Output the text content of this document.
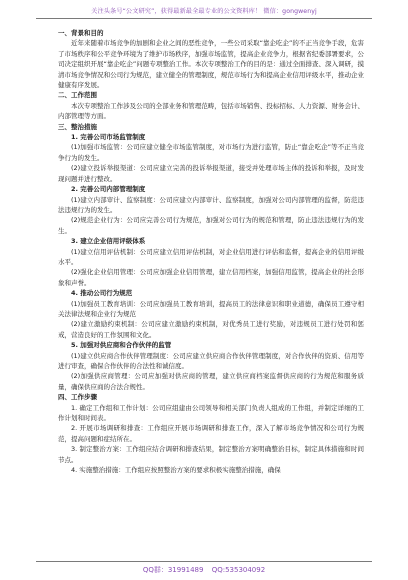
关注头条号“公文研究”，获得最新最全最专业的公文资料库！ 微信：gongwenyj

一、背景和目的

近年来随着市场竞争的加剧和企业之间的恶性竞争，一些公司采取“靠企吃企”的不正当竞争手段，危害了市场秩序和公平竞争环境为了维护市场秩序，加强市场监管，提高企业竞争力，根据省纪委部署要求，公司决定组织开展“靠企吃企”问题专项整治工作。本次专项整治工作的目的是：通过全面排查、深入调研，摸清市场竞争情况和公司行为规范，建立健全的管理制度，规范市场行为和提高企业信用评级水平，推动企业健康有序发展。

二、工作范围

本次专项整治工作涉及公司的全部业务和管理范畴，包括市场销售、投标招标、人力资源、财务会计、内部管理等方面。

三、整治措施

1. 完善公司市场监管制度

(1)加强市场监管：公司应建立健全市场监管制度，对市场行为进行监管，防止“靠企吃企”等不正当竞争行为的发生。

(2)建立投诉举报渠道：公司应建立完善的投诉举报渠道，接受并处理市场主体的投诉和举报，及时发现问题并进行整改。

2. 完善公司内部管理制度

(1)建立内部审计、监察制度：公司应建立内部审计、监察制度，加强对公司内部管理的监督，防范违法违规行为的发生。

(2)规范企业行为：公司应完善公司行为规范，加强对公司行为的规范和管理，防止违法违规行为的发生。

3. 建立企业信用评级体系

(1)建立信用评估机制：公司应建立信用评估机制，对企业信用进行评估和监督，提高企业的信用评级水平。

(2)强化企业信用管理：公司应加强企业信用管理，建立信用档案，加强信用监管，提高企业的社会形象和声誉。

4. 推动公司行为规范

(1)加强员工教育培训：公司应加强员工教育培训，提高员工的法律意识和职业道德，确保员工遵守相关法律法规和企业行为规范

(2)建立激励约束机制：公司应建立激励约束机制，对优秀员工进行奖励，对违规员工进行处罚和惩戒，营造良好的工作氛围和文化。

5. 加强对供应商和合作伙伴的监管

(1)建立供应商合作伙伴管理制度：公司应建立供应商合作伙伴管理制度，对合作伙伴的资质、信用等进行审查，确保合作伙伴的合法性和诚信度。

(2)加强供应商管理：公司应加强对供应商的管理，建立供应商档案监督供应商的行为规范和服务质量，确保供应商的合法合规性。

四、工作步骤

1. 确定工作组和工作计划：公司应组建由公司领导和相关部门负责人组成的工作组，并制定详细的工作计划和时间表。

2. 开展市场调研和排查：工作组应开展市场调研和排查工作，深入了解市场竞争情况和公司行为规范，提高问题和症结所在。

3. 制定整治方案：工作组应结合调研和排查结果，制定整治方案明确整治目标，制定具体措施和时间节点。

4. 实施整治措施：工作组应按照整治方案的要求积极实施整治措施，确保

QQ群：31991489 QQ:535304092
